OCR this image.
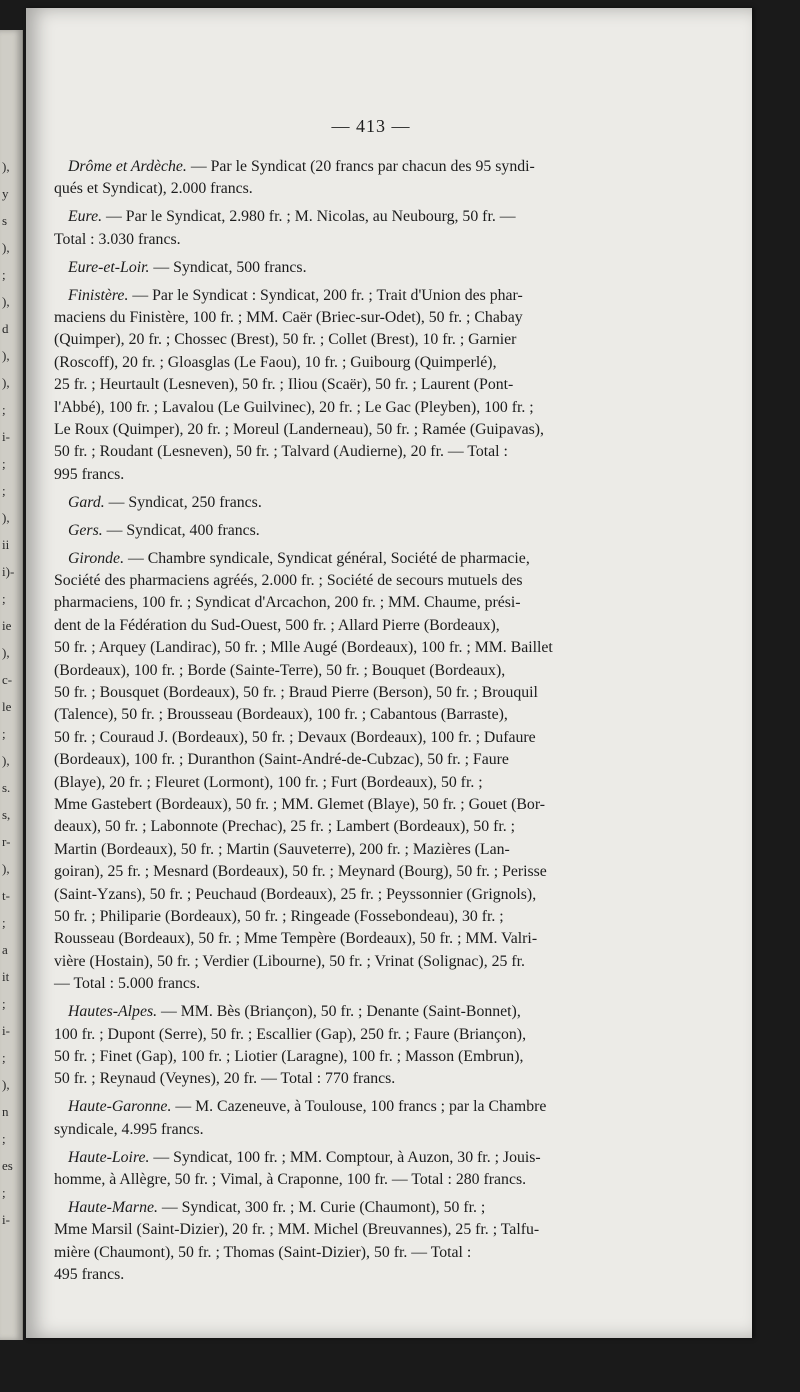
),
y
s
),
;
),
d
),
),
;
i-
;
;
),
ii
i)-
;
ie
),
c-
le
;
),
s.
s,
r-
),
t-
;
a
it
;
i-
;
),
n
;
es
;
i-
— 413 —
Drôme et Ardèche. — Par le Syndicat (20 francs par chacun des 95 syndi-
qués et Syndicat), 2.000 francs.
Eure. — Par le Syndicat, 2.980 fr. ; M. Nicolas, au Neubourg, 50 fr. —
Total : 3.030 francs.
Eure-et-Loir. — Syndicat, 500 francs.
Finistère. — Par le Syndicat : Syndicat, 200 fr. ; Trait d'Union des phar-
maciens du Finistère, 100 fr. ; MM. Caër (Briec-sur-Odet), 50 fr. ; Chabay
(Quimper), 20 fr. ; Chossec (Brest), 50 fr. ; Collet (Brest), 10 fr. ; Garnier
(Roscoff), 20 fr. ; Gloasglas (Le Faou), 10 fr. ; Guibourg (Quimperlé),
25 fr. ; Heurtault (Lesneven), 50 fr. ; Iliou (Scaër), 50 fr. ; Laurent (Pont-
l'Abbé), 100 fr. ; Lavalou (Le Guilvinec), 20 fr. ; Le Gac (Pleyben), 100 fr. ;
Le Roux (Quimper), 20 fr. ; Moreul (Landerneau), 50 fr. ; Ramée (Guipavas),
50 fr. ; Roudant (Lesneven), 50 fr. ; Talvard (Audierne), 20 fr. — Total :
995 francs.
Gard. — Syndicat, 250 francs.
Gers. — Syndicat, 400 francs.
Gironde. — Chambre syndicale, Syndicat général, Société de pharmacie,
Société des pharmaciens agréés, 2.000 fr. ; Société de secours mutuels des
pharmaciens, 100 fr. ; Syndicat d'Arcachon, 200 fr. ; MM. Chaume, prési-
dent de la Fédération du Sud-Ouest, 500 fr. ; Allard Pierre (Bordeaux),
50 fr. ; Arquey (Landirac), 50 fr. ; Mlle Augé (Bordeaux), 100 fr. ; MM. Baillet
(Bordeaux), 100 fr. ; Borde (Sainte-Terre), 50 fr. ; Bouquet (Bordeaux),
50 fr. ; Bousquet (Bordeaux), 50 fr. ; Braud Pierre (Berson), 50 fr. ; Brouquil
(Talence), 50 fr. ; Brousseau (Bordeaux), 100 fr. ; Cabantous (Barraste),
50 fr. ; Couraud J. (Bordeaux), 50 fr. ; Devaux (Bordeaux), 100 fr. ; Dufaure
(Bordeaux), 100 fr. ; Duranthon (Saint-André-de-Cubzac), 50 fr. ; Faure
(Blaye), 20 fr. ; Fleuret (Lormont), 100 fr. ; Furt (Bordeaux), 50 fr. ;
Mme Gastebert (Bordeaux), 50 fr. ; MM. Glemet (Blaye), 50 fr. ; Gouet (Bor-
deaux), 50 fr. ; Labonnote (Prechac), 25 fr. ; Lambert (Bordeaux), 50 fr. ;
Martin (Bordeaux), 50 fr. ; Martin (Sauveterre), 200 fr. ; Mazières (Lan-
goiran), 25 fr. ; Mesnard (Bordeaux), 50 fr. ; Meynard (Bourg), 50 fr. ; Perisse
(Saint-Yzans), 50 fr. ; Peuchaud (Bordeaux), 25 fr. ; Peyssonnier (Grignols),
50 fr. ; Philiparie (Bordeaux), 50 fr. ; Ringeade (Fossebondeau), 30 fr. ;
Rousseau (Bordeaux), 50 fr. ; Mme Tempère (Bordeaux), 50 fr. ; MM. Valri-
vière (Hostain), 50 fr. ; Verdier (Libourne), 50 fr. ; Vrinat (Solignac), 25 fr.
— Total : 5.000 francs.
Hautes-Alpes. — MM. Bès (Briançon), 50 fr. ; Denante (Saint-Bonnet),
100 fr. ; Dupont (Serre), 50 fr. ; Escallier (Gap), 250 fr. ; Faure (Briançon),
50 fr. ; Finet (Gap), 100 fr. ; Liotier (Laragne), 100 fr. ; Masson (Embrun),
50 fr. ; Reynaud (Veynes), 20 fr. — Total : 770 francs.
Haute-Garonne. — M. Cazeneuve, à Toulouse, 100 francs ; par la Chambre
syndicale, 4.995 francs.
Haute-Loire. — Syndicat, 100 fr. ; MM. Comptour, à Auzon, 30 fr. ; Jouis-
homme, à Allègre, 50 fr. ; Vimal, à Craponne, 100 fr. — Total : 280 francs.
Haute-Marne. — Syndicat, 300 fr. ; M. Curie (Chaumont), 50 fr. ;
Mme Marsil (Saint-Dizier), 20 fr. ; MM. Michel (Breuvannes), 25 fr. ; Talfu-
mière (Chaumont), 50 fr. ; Thomas (Saint-Dizier), 50 fr. — Total :
495 francs.
